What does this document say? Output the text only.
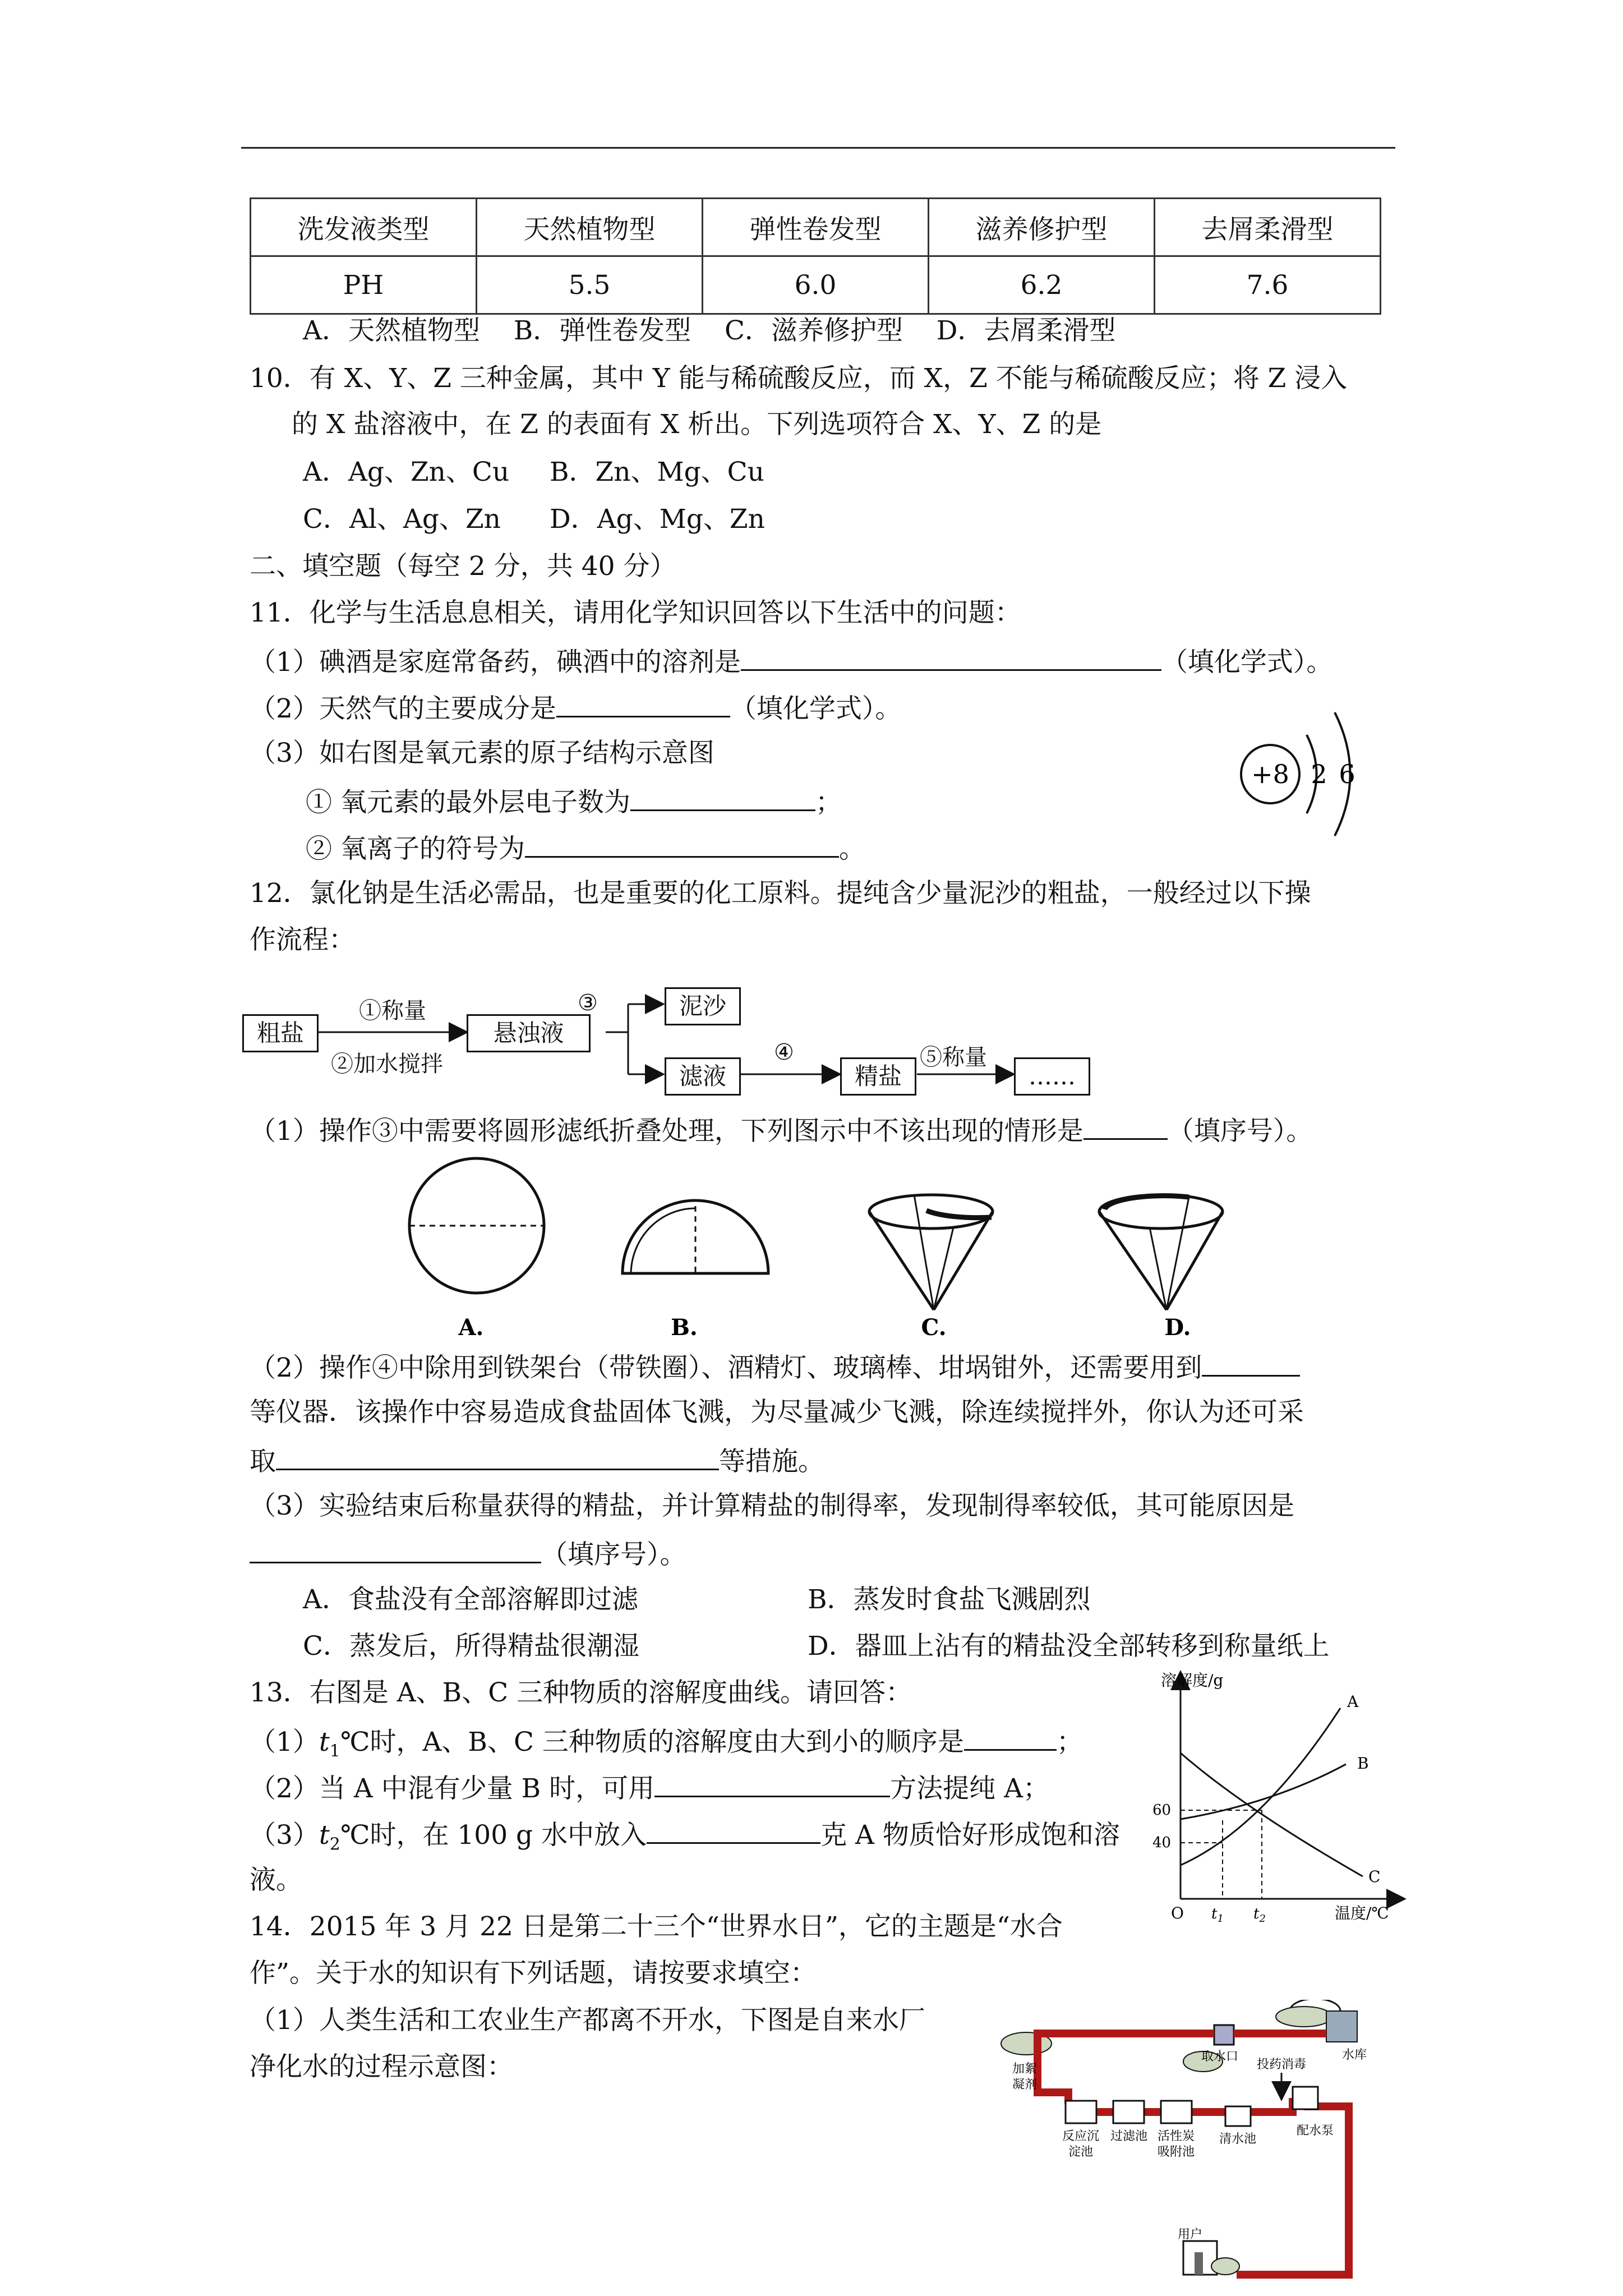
洗发液类型	天然植物型	弹性卷发型	滋养修护型	去屑柔滑型
PH	5.5	6.0	6.2	7.6
A．天然植物型    B．弹性卷发型    C．滋养修护型    D．去屑柔滑型
10．有 X、Y、Z 三种金属，其中 Y 能与稀硫酸反应，而 X，Z 不能与稀硫酸反应；将 Z 浸入
的 X 盐溶液中，在 Z 的表面有 X 析出。下列选项符合 X、Y、Z 的是
A．Ag、Zn、Cu B．Zn、Mg、Cu
C．Al、Ag、Zn D．Ag、Mg、Zn
二、填空题（每空 2 分，共 40 分）
11．化学与生活息息相关，请用化学知识回答以下生活中的问题：
（1）碘酒是家庭常备药，碘酒中的溶剂是	（填化学式）。
（2）天然气的主要成分是	（填化学式）。
（3）如右图是氧元素的原子结构示意图
① 氧元素的最外层电子数为	；
② 氧离子的符号为	。
+8 2 6
12．氯化钠是生活必需品，也是重要的化工原料。提纯含少量泥沙的粗盐，一般经过以下操
作流程：
粗盐
①称量
②加水搅拌
悬浊液
③	泥沙
滤液
④
精盐
⑤称量
……
（1）操作③中需要将圆形滤纸折叠处理，下列图示中不该出现的情形是	（填序号）。
A.	B.	C.	D.
（2）操作④中除用到铁架台（带铁圈）、酒精灯、玻璃棒、坩埚钳外，还需要用到
等仪器．该操作中容易造成食盐固体飞溅，为尽量减少飞溅，除连续搅拌外，你认为还可采
取	等措施。
（3）实验结束后称量获得的精盐，并计算精盐的制得率，发现制得率较低，其可能原因是
（填序号）。
A．食盐没有全部溶解即过滤	B．蒸发时食盐飞溅剧烈
C．蒸发后，所得精盐很潮湿	D．器皿上沾有的精盐没全部转移到称量纸上
13．右图是 A、B、C 三种物质的溶解度曲线。请回答：
$(1)t_1℃$时，A、B、C 三种物质的溶解度由大到小的顺序是	；
（2）当 A 中混有少量 B 时，可用	方法提纯 A；
$(3)t_2℃$时，在 100 g 水中放入	克 A 物质恰好形成饱和溶
液。
溶解度/g
60
40
O $t_1$ $t_2$	温度/℃
A
B
C
14．2015 年 3 月 22 日是第二十三个“世界水日”，它的主题是“水合
作”。关于水的知识有下列话题，请按要求填空：
（1）人类生活和工农业生产都离不开水，下图是自来水厂
净化水的过程示意图：	取水口	水库
加絮
凝剂
投药消毒
反应沉
淀池
过滤池 活性炭
吸附池
清水池
配水泵
用户
